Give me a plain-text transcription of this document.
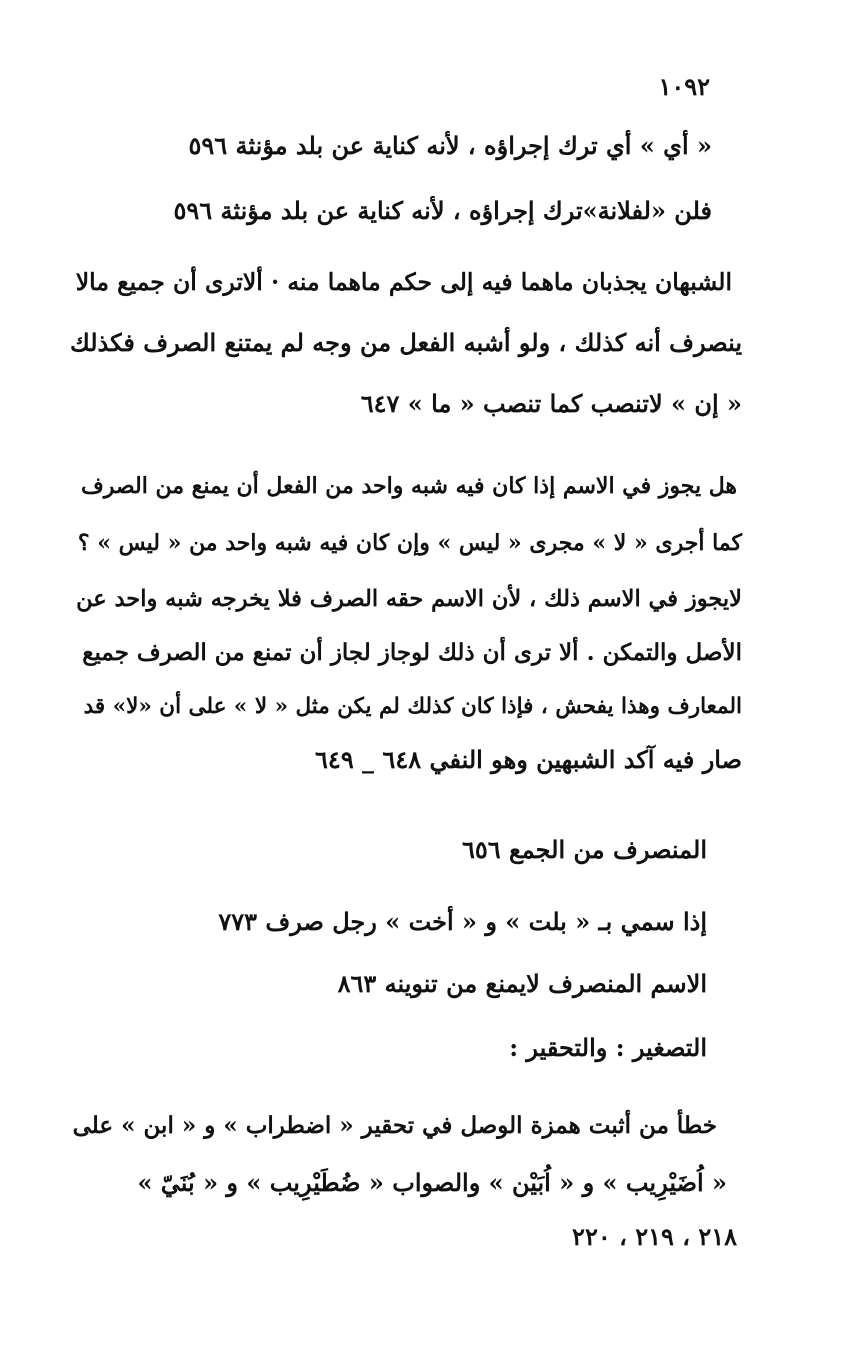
١٠٩٢
« أي » أي ترك إجراؤه ، لأنه كناية عن بلد مؤنثة ٥٩٦
فلن «لفلانة»ترك إجراؤه ، لأنه كناية عن بلد مؤنثة ٥٩٦
الشبهان يجذبان ماهما فيه إلى حكم ماهما منه · ألاترى أن جميع مالا
ينصرف أنه كذلك ، ولو أشبه الفعل من وجه لم يمتنع الصرف فكذلك
« إن » لاتنصب كما تنصب « ما » ٦٤٧
هل يجوز في الاسم إذا كان فيه شبه واحد من الفعل أن يمنع من الصرف
كما أجرى « لا » مجرى « ليس » وإن كان فيه شبه واحد من « ليس » ؟
لايجوز في الاسم ذلك ، لأن الاسم حقه الصرف فلا يخرجه شبه واحد عن
الأصل والتمكن . ألا ترى أن ذلك لوجاز لجاز أن تمنع من الصرف جميع
المعارف وهذا يفحش ، فإذا كان كذلك لم يكن مثل « لا » على أن «لا» قد
صار فيه آكد الشبهين وهو النفي ٦٤٨ _ ٦٤٩
المنصرف من الجمع ٦٥٦
إذا سمي بـ « بلت » و « أخت » رجل صرف ٧٧٣
الاسم المنصرف لايمنع من تنوينه ٨٦٣
التصغير : والتحقير :
خطأ من أثبت همزة الوصل في تحقير « اضطراب » و « ابن » على
« اُضَيْرِيب » و « اُبَيْن » والصواب « ضُطَيْرِيب » و « بُنَيّ »
٢١٨ ، ٢١٩ ، ٢٢٠
